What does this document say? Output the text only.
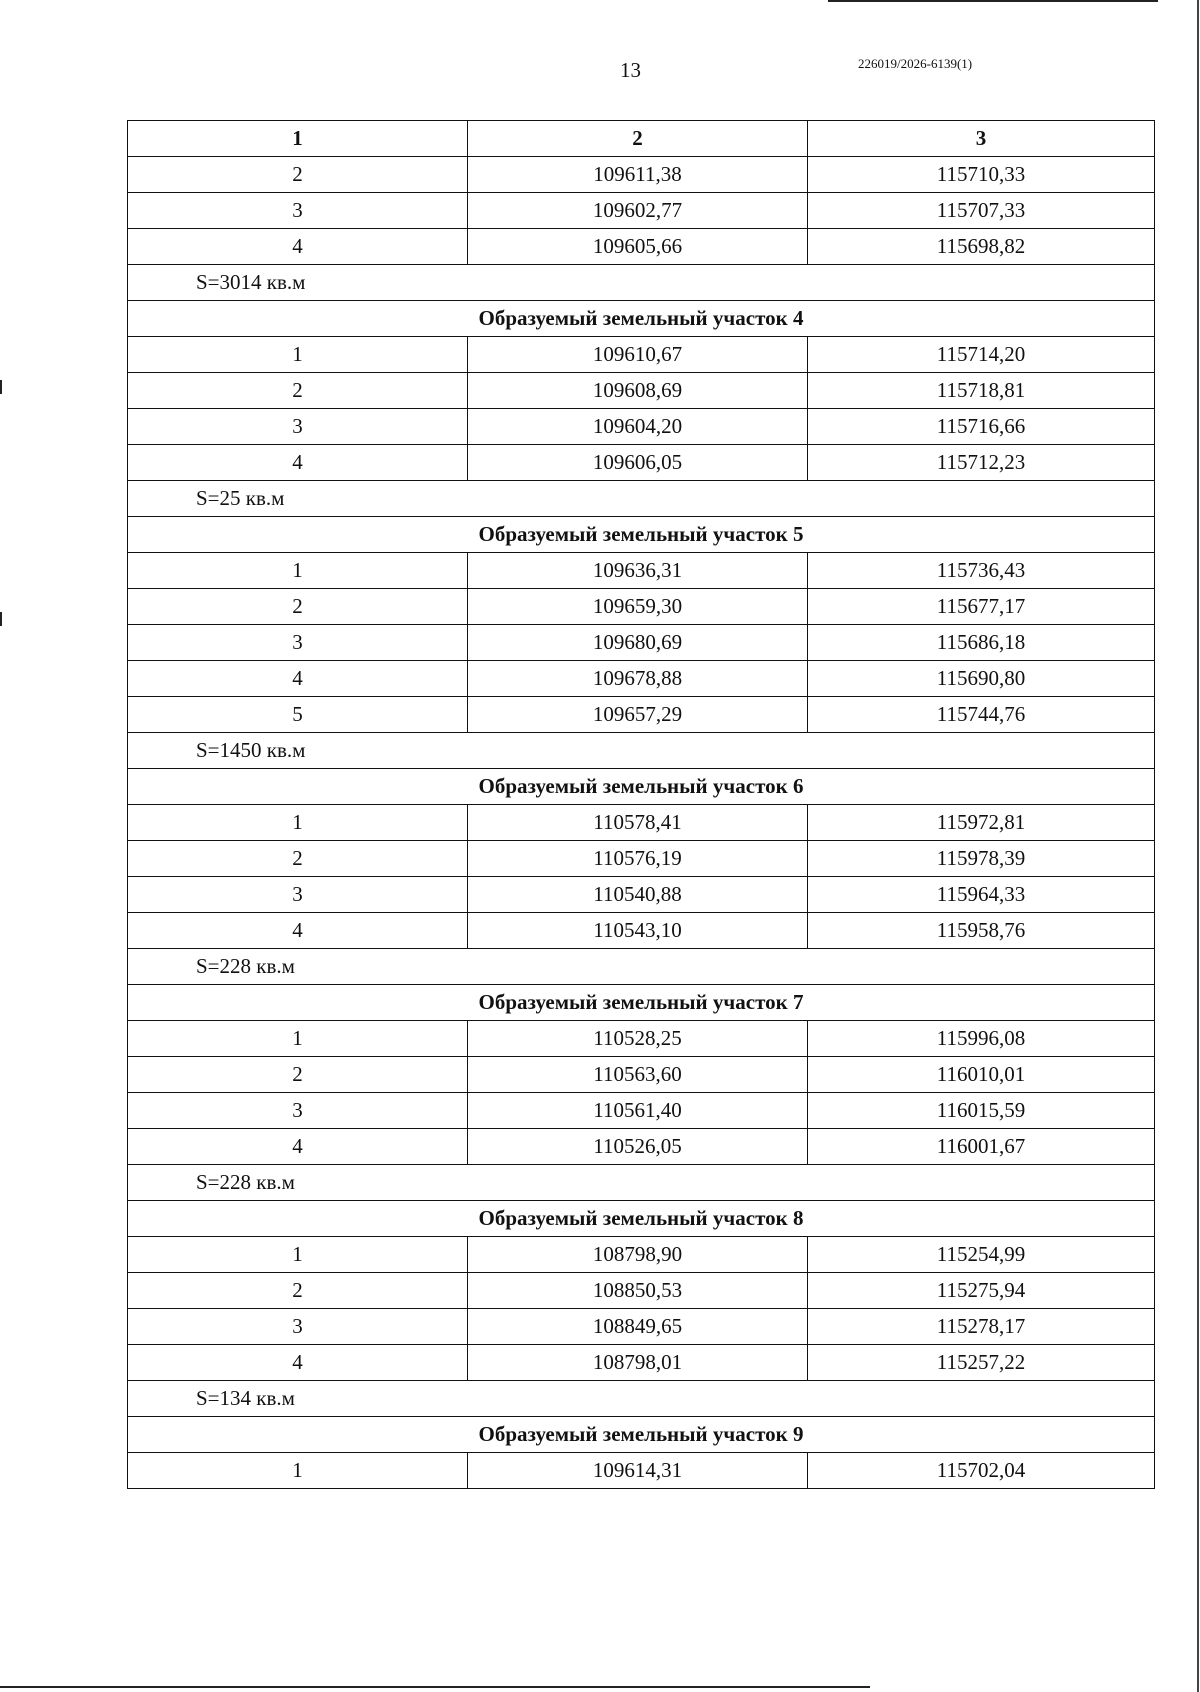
13	226019/2026-6139(1)
1	2	3
2	109611,38	115710,33
3	109602,77	115707,33
4	109605,66	115698,82
S=3014 кв.м		
Образуемый земельный участок 4		
1	109610,67	115714,20
2	109608,69	115718,81
3	109604,20	115716,66
4	109606,05	115712,23
S=25 кв.м		
Образуемый земельный участок 5		
1	109636,31	115736,43
2	109659,30	115677,17
3	109680,69	115686,18
4	109678,88	115690,80
5	109657,29	115744,76
S=1450 кв.м		
Образуемый земельный участок 6		
1	110578,41	115972,81
2	110576,19	115978,39
3	110540,88	115964,33
4	110543,10	115958,76
S=228 кв.м		
Образуемый земельный участок 7		
1	110528,25	115996,08
2	110563,60	116010,01
3	110561,40	116015,59
4	110526,05	116001,67
S=228 кв.м		
Образуемый земельный участок 8		
1	108798,90	115254,99
2	108850,53	115275,94
3	108849,65	115278,17
4	108798,01	115257,22
S=134 кв.м		
Образуемый земельный участок 9		
1	109614,31	115702,04
